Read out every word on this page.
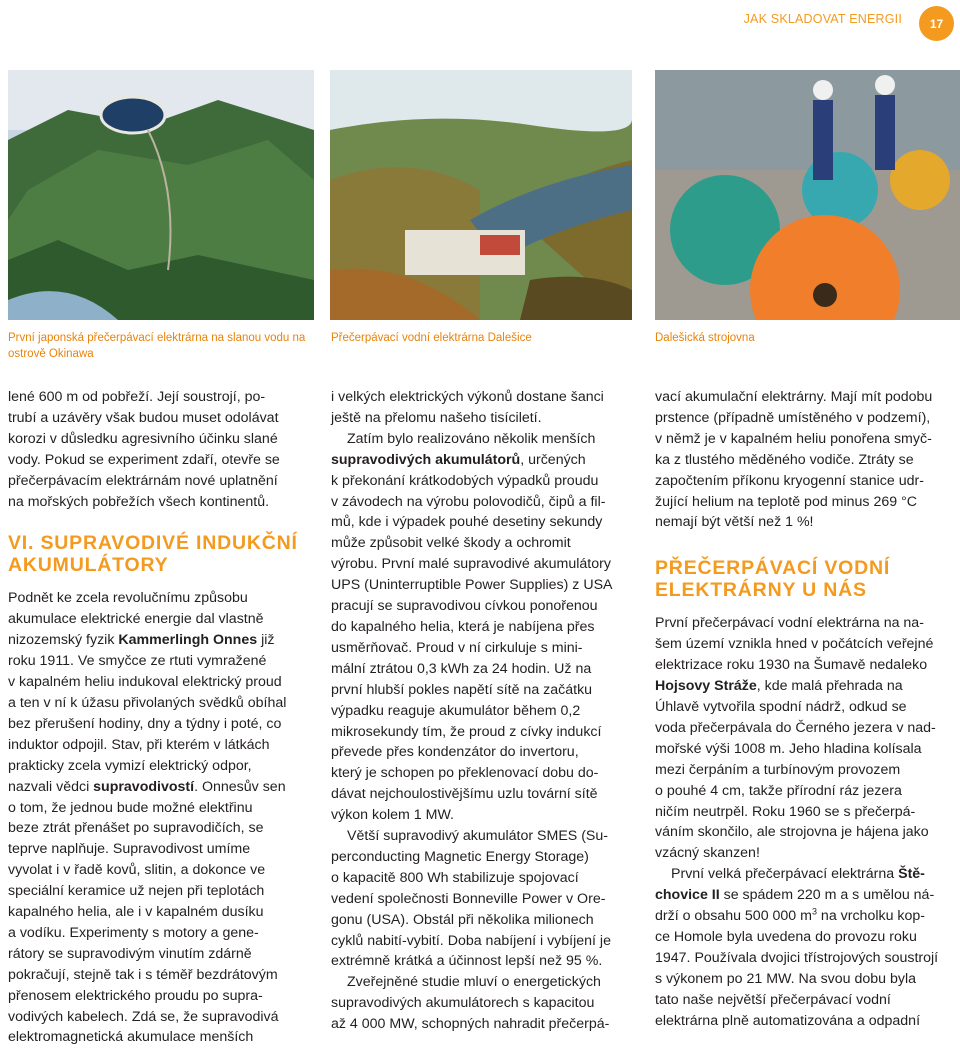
JAK SKLADOVAT ENERGII	17
První japonská přečerpávací elektrárna na slanou vodu na ostrově Okinawa
Přečerpávací vodní elektrárna Dalešice	Dalešická strojovna

lené 600 m od pobřeží. Její soustrojí, po-
trubí a uzávěry však budou muset odolávat
korozi v důsledku agresivního účinku slané
vody. Pokud se experiment zdaří, otevře se
přečerpávacím elektrárnám nové uplatnění
na mořských pobřežích všech kontinentů.

VI. SUPRAVODIVÉ INDUKČNÍ
AKUMULÁTORY

Podnět ke zcela revolučnímu způsobu
akumulace elektrické energie dal vlastně
nizozemský fyzik Kammerlingh Onnes již
roku 1911. Ve smyčce ze rtuti vymražené
v kapalném heliu indukoval elektrický proud
a ten v ní k úžasu přivolaných svědků obíhal
bez přerušení hodiny, dny a týdny i poté, co
induktor odpojil. Stav, při kterém v látkách
prakticky zcela vymizí elektrický odpor,
nazvali vědci supravodivostí. Onnesův sen
o tom, že jednou bude možné elektřinu
beze ztrát přenášet po supravodičích, se
teprve naplňuje. Supravodivost umíme
vyvolat i v řadě kovů, slitin, a dokonce ve
speciální keramice už nejen při teplotách
kapalného helia, ale i v kapalném dusíku
a vodíku. Experimenty s motory a gene-
rátory se supravodivým vinutím zdárně
pokračují, stejně tak i s téměř bezdrátovým
přenosem elektrického proudu po supra-
vodivých kabelech. Zdá se, že supravodivá
elektromagnetická akumulace menších

i velkých elektrických výkonů dostane šanci
ještě na přelomu našeho tisíciletí.

Zatím bylo realizováno několik menších
supravodivých akumulátorů, určených
k překonání krátkodobých výpadků proudu
v závodech na výrobu polovodičů, čipů a fil-
mů, kde i výpadek pouhé desetiny sekundy
může způsobit velké škody a ochromit
výrobu. První malé supravodivé akumulátory
UPS (Uninterruptible Power Supplies) z USA
pracují se supravodivou cívkou ponořenou
do kapalného helia, která je nabíjena přes
usměrňovač. Proud v ní cirkuluje s mini-
mální ztrátou 0,3 kWh za 24 hodin. Už na
první hlubší pokles napětí sítě na začátku
výpadku reaguje akumulátor během 0,2
mikrosekundy tím, že proud z cívky indukcí
převede přes kondenzátor do invertoru,
který je schopen po překlenovací dobu do-
dávat nejchoulostivějšímu uzlu tovární sítě
výkon kolem 1 MW.

Větší supravodivý akumulátor SMES (Su-
perconducting Magnetic Energy Storage)
o kapacitě 800 Wh stabilizuje spojovací
vedení společnosti Bonneville Power v Ore-
gonu (USA). Obstál při několika milionech
cyklů nabití-vybití. Doba nabíjení i vybíjení je
extrémně krátká a účinnost lepší než 95 %.

Zveřejněné studie mluví o energetických
supravodivých akumulátorech s kapacitou
až 4 000 MW, schopných nahradit přečerpá-

vací akumulační elektrárny. Mají mít podobu
prstence (případně umístěného v podzemí),
v němž je v kapalném heliu ponořena smyč-
ka z tlustého měděného vodiče. Ztráty se
započtením příkonu kryogenní stanice udr-
žující helium na teplotě pod minus 269 °C
nemají být větší než 1 %!

PŘEČERPÁVACÍ VODNÍ
ELEKTRÁRNY U NÁS

První přečerpávací vodní elektrárna na na-
šem území vznikla hned v počátcích veřejné
elektrizace roku 1930 na Šumavě nedaleko
Hojsovy Stráže, kde malá přehrada na
Úhlavě vytvořila spodní nádrž, odkud se
voda přečerpávala do Černého jezera v nad-
mořské výši 1008 m. Jeho hladina kolísala
mezi čerpáním a turbínovým provozem
o pouhé 4 cm, takže přírodní ráz jezera
ničím neutrpěl. Roku 1960 se s přečerpá-
váním skončilo, ale strojovna je hájena jako
vzácný skanzen!

První velká přečerpávací elektrárna Ště-
chovice II se spádem 220 m a s umělou ná-
drží o obsahu 500 000 $m^3$ na vrcholku kop-
ce Homole byla uvedena do provozu roku
1947. Používala dvojici třístrojových soustrojí
s výkonem po 21 MW. Na svou dobu byla
tato naše největší přečerpávací vodní
elektrárna plně automatizována a odpadní
